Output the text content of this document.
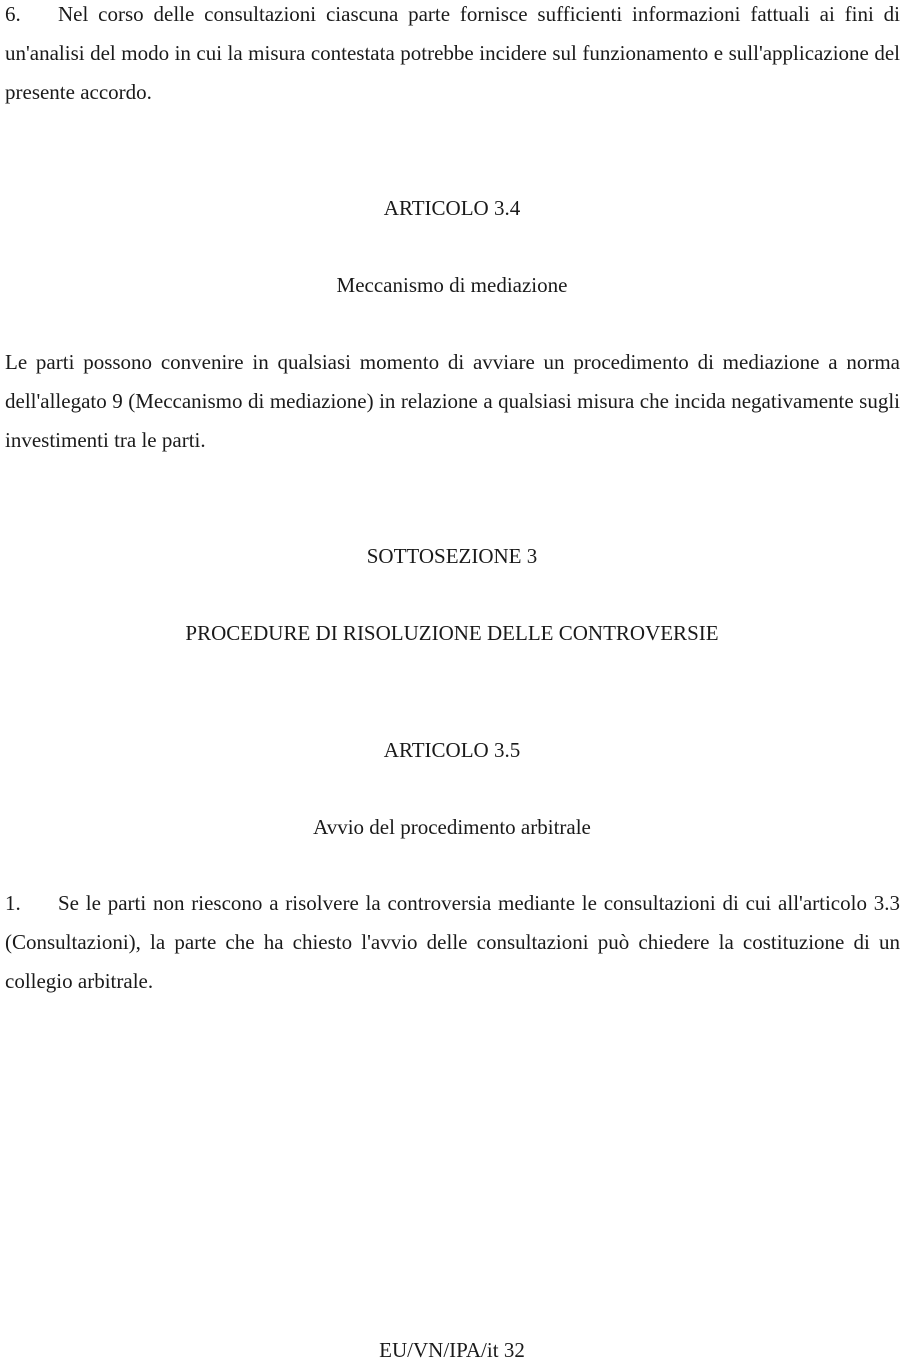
6. Nel corso delle consultazioni ciascuna parte fornisce sufficienti informazioni fattuali ai fini di un'analisi del modo in cui la misura contestata potrebbe incidere sul funzionamento e sull'applicazione del presente accordo.
ARTICOLO 3.4
Meccanismo di mediazione
Le parti possono convenire in qualsiasi momento di avviare un procedimento di mediazione a norma dell'allegato 9 (Meccanismo di mediazione) in relazione a qualsiasi misura che incida negativamente sugli investimenti tra le parti.
SOTTOSEZIONE 3
PROCEDURE DI RISOLUZIONE DELLE CONTROVERSIE
ARTICOLO 3.5
Avvio del procedimento arbitrale
1. Se le parti non riescono a risolvere la controversia mediante le consultazioni di cui all'articolo 3.3 (Consultazioni), la parte che ha chiesto l'avvio delle consultazioni può chiedere la costituzione di un collegio arbitrale.
EU/VN/IPA/it 32
